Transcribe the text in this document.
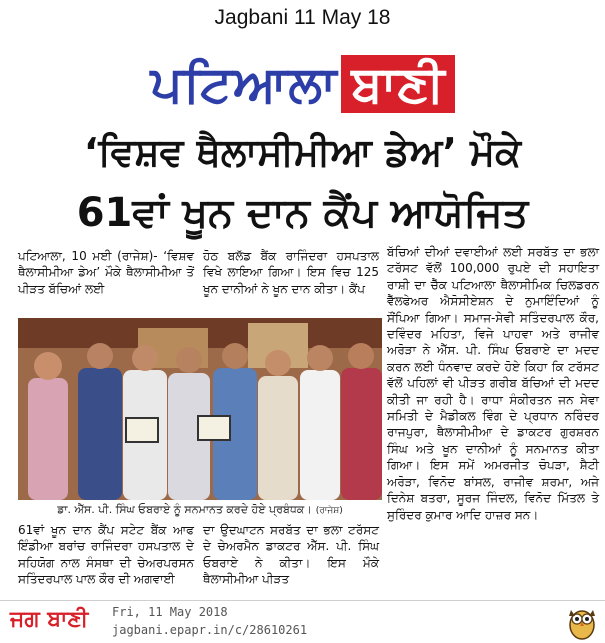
Jagbani 11 May 18
ਪਟਿਆਲਾ ਬਾਣੀ
‘ਵਿਸ਼ਵ ਥੈਲਾਸੀਮੀਆ ਡੇਅ’ ਮੌਕੇ
61ਵਾਂ ਖੂਨ ਦਾਨ ਕੈਂਪ ਆਯੋਜਿਤ
ਪਟਿਆਲਾ, 10 ਮਈ (ਰਾਜੇਸ਼)- ‘ਵਿਸ਼ਵ ਥੈਲਾਸੀਮੀਆ ਡੇਅ’ ਮੌਕੇ ਥੈਲਾਸੀਮੀਆ ਤੋਂ ਪੀੜਤ ਬੱਚਿਆਂ ਲਈ
ਹੋਠ ਬਲੱਡ ਬੈਂਕ ਰਾਜਿੰਦਰਾ ਹਸਪਤਾਲ ਵਿਖੇ ਲਾਇਆ ਗਿਆ। ਇਸ ਵਿਚ 125 ਖੂਨ ਦਾਨੀਆਂ ਨੇ ਖੂਨ ਦਾਨ ਕੀਤਾ। ਕੈਂਪ
ਬੱਚਿਆਂ ਦੀਆਂ ਦਵਾਈਆਂ ਲਈ ਸਰਬੱਤ ਦਾ ਭਲਾ ਟਰੱਸਟ ਵੱਲੋਂ 100,000 ਰੁਪਏ ਦੀ ਸਹਾਇਤਾ ਰਾਸ਼ੀ ਦਾ ਚੈੱਕ ਪਟਿਆਲਾ ਥੈਲਾਸੀਮਿਕ ਚਿਲਡਰਨ ਵੈੱਲਫੇਅਰ ਐਸੋਸੀਏਸ਼ਨ ਦੇ ਨੁਮਾਇੰਦਿਆਂ ਨੂੰ ਸੌਂਪਿਆ ਗਿਆ। ਸਮਾਜ-ਸੇਵੀ ਸਤਿੰਦਰਪਾਲ ਕੌਰ, ਦਵਿੰਦਰ ਮਹਿਤਾ, ਵਿਜੇ ਪਾਹਵਾ ਅਤੇ ਰਾਜੀਵ ਅਰੋੜਾ ਨੇ ਐੱਸ. ਪੀ. ਸਿੰਘ ਓਬਰਾਏ ਦਾ ਮਦਦ ਕਰਨ ਲਈ ਧੰਨਵਾਦ ਕਰਦੇ ਹੋਏ ਕਿਹਾ ਕਿ ਟਰੱਸਟ ਵੱਲੋਂ ਪਹਿਲਾਂ ਵੀ ਪੀੜਤ ਗਰੀਬ ਬੱਚਿਆਂ ਦੀ ਮਦਦ ਕੀਤੀ ਜਾ ਰਹੀ ਹੈ। ਰਾਧਾ ਸੰਕੀਰਤਨ ਜਨ ਸੇਵਾ ਸਮਿਤੀ ਦੇ ਮੈਡੀਕਲ ਵਿੰਗ ਦੇ ਪ੍ਰਧਾਨ ਨਰਿੰਦਰ ਰਾਜਪੁਰਾ, ਥੈਲਾਸੀਮੀਆ ਦੇ ਡਾਕਟਰ ਗੁਰਸ਼ਰਨ ਸਿੰਘ ਅਤੇ ਖੂਨ ਦਾਨੀਆਂ ਨੂੰ ਸਨਮਾਨਤ ਕੀਤਾ ਗਿਆ। ਇਸ ਸਮੇਂ ਅਮਰਜੀਤ ਚੋਪੜਾ, ਸ਼ੈਟੀ ਅਰੋੜਾ, ਵਿਨੋਦ ਬਾਂਸਲ, ਰਾਜੀਵ ਸ਼ਰਮਾ, ਅਜੇ ਦਿਨੇਸ਼ ਬਤਰਾ, ਸੂਰਜ ਜਿੰਦਲ, ਵਿਨੋਦ ਮਿੱਤਲ ਤੇ ਸੁਰਿੰਦਰ ਕੁਮਾਰ ਆਦਿ ਹਾਜ਼ਰ ਸਨ।
ਡਾ. ਐੱਸ. ਪੀ. ਸਿੰਘ ਓਬਰਾਏ ਨੂੰ ਸਨਮਾਨਤ ਕਰਦੇ ਹੋਏ ਪ੍ਰਬੰਧਕ। (ਰਾਜੇਸ਼)
61ਵਾਂ ਖੂਨ ਦਾਨ ਕੈਂਪ ਸਟੇਟ ਬੈਂਕ ਆਫ ਇੰਡੀਆ ਬਰਾਂਚ ਰਾਜਿੰਦਰਾ ਹਸਪਤਾਲ ਦੇ ਸਹਿਯੋਗ ਨਾਲ ਸੰਸਥਾ ਦੀ ਚੇਅਰਪਰਸਨ ਸਤਿੰਦਰਪਾਲ ਪਾਲ ਕੌਰ ਦੀ ਅਗਵਾਈ
ਦਾ ਉਦਘਾਟਨ ਸਰਬੱਤ ਦਾ ਭਲਾ ਟਰੱਸਟ ਦੇ ਚੇਅਰਮੈਨ ਡਾਕਟਰ ਐੱਸ. ਪੀ. ਸਿੰਘ ਓਬਰਾਏ ਨੇ ਕੀਤਾ। ਇਸ ਮੌਕੇ ਥੈਲਾਸੀਮੀਆ ਪੀੜਤ
ਜਗ ਬਾਣੀ Fri, 11 May 2018
jagbani.epapr.in/c/28610261
